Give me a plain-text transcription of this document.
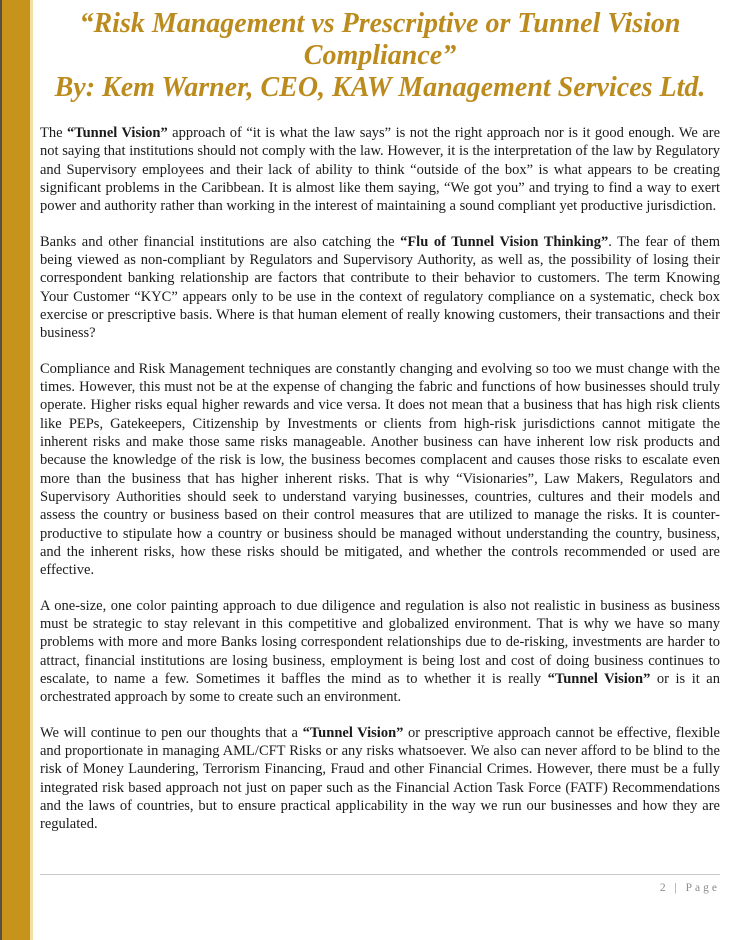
“Risk Management vs Prescriptive or Tunnel Vision
Compliance”
By: Kem Warner, CEO, KAW Management Services Ltd.

The “Tunnel Vision” approach of “it is what the law says” is not the right approach nor is it good enough. We are not saying that institutions should not comply with the law. However, it is the interpretation of the law by Regulatory and Supervisory employees and their lack of ability to think “outside of the box” is what appears to be creating significant problems in the Caribbean. It is almost like them saying, “We got you” and trying to find a way to exert power and authority rather than working in the interest of maintaining a sound compliant yet productive jurisdiction.

Banks and other financial institutions are also catching the “Flu of Tunnel Vision Thinking”. The fear of them being viewed as non-compliant by Regulators and Supervisory Authority, as well as, the possibility of losing their correspondent banking relationship are factors that contribute to their behavior to customers. The term Knowing Your Customer “KYC” appears only to be use in the context of regulatory compliance on a systematic, check box exercise or prescriptive basis. Where is that human element of really knowing customers, their transactions and their business?

Compliance and Risk Management techniques are constantly changing and evolving so too we must change with the times. However, this must not be at the expense of changing the fabric and functions of how businesses should truly operate. Higher risks equal higher rewards and vice versa. It does not mean that a business that has high risk clients like PEPs, Gatekeepers, Citizenship by Investments or clients from high-risk jurisdictions cannot mitigate the inherent risks and make those same risks manageable. Another business can have inherent low risk products and because the knowledge of the risk is low, the business becomes complacent and causes those risks to escalate even more than the business that has higher inherent risks. That is why “Visionaries”, Law Makers, Regulators and Supervisory Authorities should seek to understand varying businesses, countries, cultures and their models and assess the country or business based on their control measures that are utilized to manage the risks. It is counter-productive to stipulate how a country or business should be managed without understanding the country, business, and the inherent risks, how these risks should be mitigated, and whether the controls recommended or used are effective.

A one-size, one color painting approach to due diligence and regulation is also not realistic in business as business must be strategic to stay relevant in this competitive and globalized environment. That is why we have so many problems with more and more Banks losing correspondent relationships due to de-risking, investments are harder to attract, financial institutions are losing business, employment is being lost and cost of doing business continues to escalate, to name a few. Sometimes it baffles the mind as to whether it is really “Tunnel Vision” or is it an orchestrated approach by some to create such an environment.

We will continue to pen our thoughts that a “Tunnel Vision” or prescriptive approach cannot be effective, flexible and proportionate in managing AML/CFT Risks or any risks whatsoever. We also can never afford to be blind to the risk of Money Laundering, Terrorism Financing, Fraud and other Financial Crimes. However, there must be a fully integrated risk based approach not just on paper such as the Financial Action Task Force (FATF) Recommendations and the laws of countries, but to ensure practical applicability in the way we run our businesses and how they are regulated.

2 | Page
